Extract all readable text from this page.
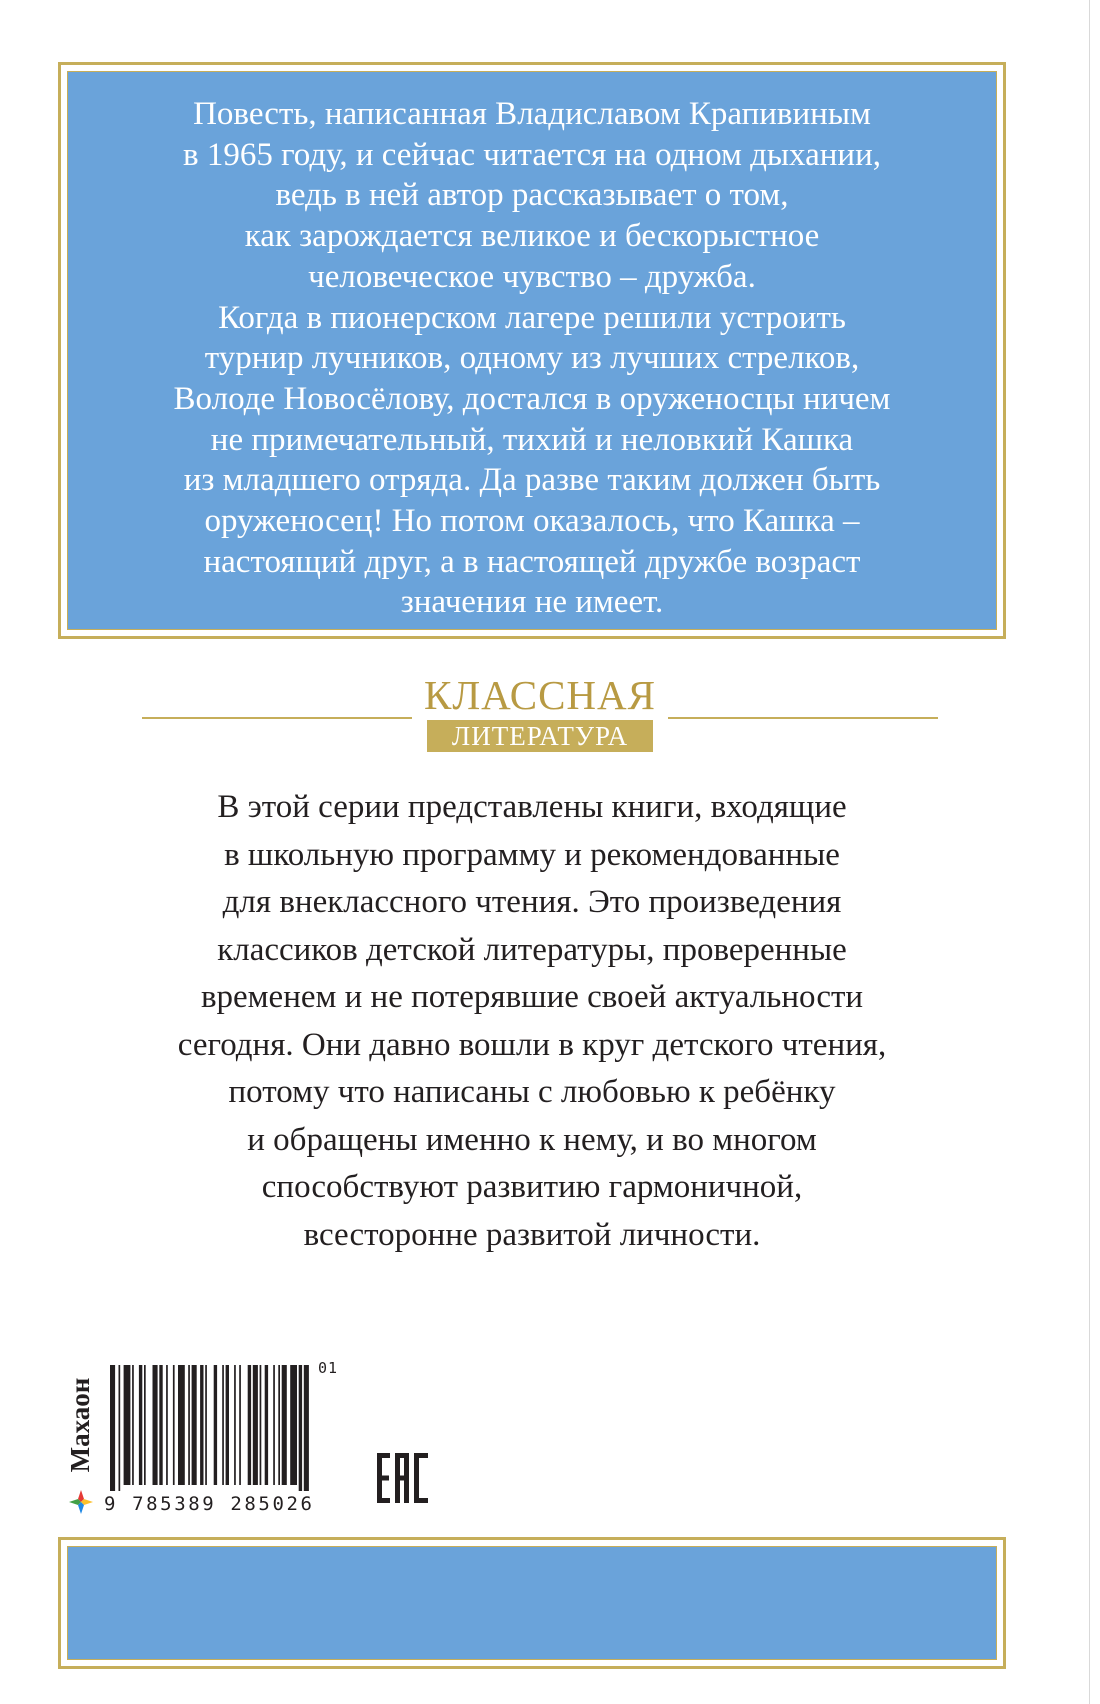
Повесть, написанная Владиславом Крапивиным
в 1965 году, и сейчас читается на одном дыхании,
ведь в ней автор рассказывает о том,
как зарождается великое и бескорыстное
человеческое чувство – дружба.
Когда в пионерском лагере решили устроить
турнир лучников, одному из лучших стрелков,
Володе Новосёлову, достался в оруженосцы ничем
не примечательный, тихий и неловкий Кашка
из младшего отряда. Да разве таким должен быть
оруженосец! Но потом оказалось, что Кашка –
настоящий друг, а в настоящей дружбе возраст
значения не имеет.
КЛАССНАЯ
ЛИТЕРАТУРА
В этой серии представлены книги, входящие
в школьную программу и рекомендованные
для внеклассного чтения. Это произведения
классиков детской литературы, проверенные
временем и не потерявшие своей актуальности
сегодня. Они давно вошли в круг детского чтения,
потому что написаны с любовью к ребёнку
и обращены именно к нему, и во многом
способствуют развитию гармоничной,
всесторонне развитой личности.
Махаон
9 785389 285026
01
